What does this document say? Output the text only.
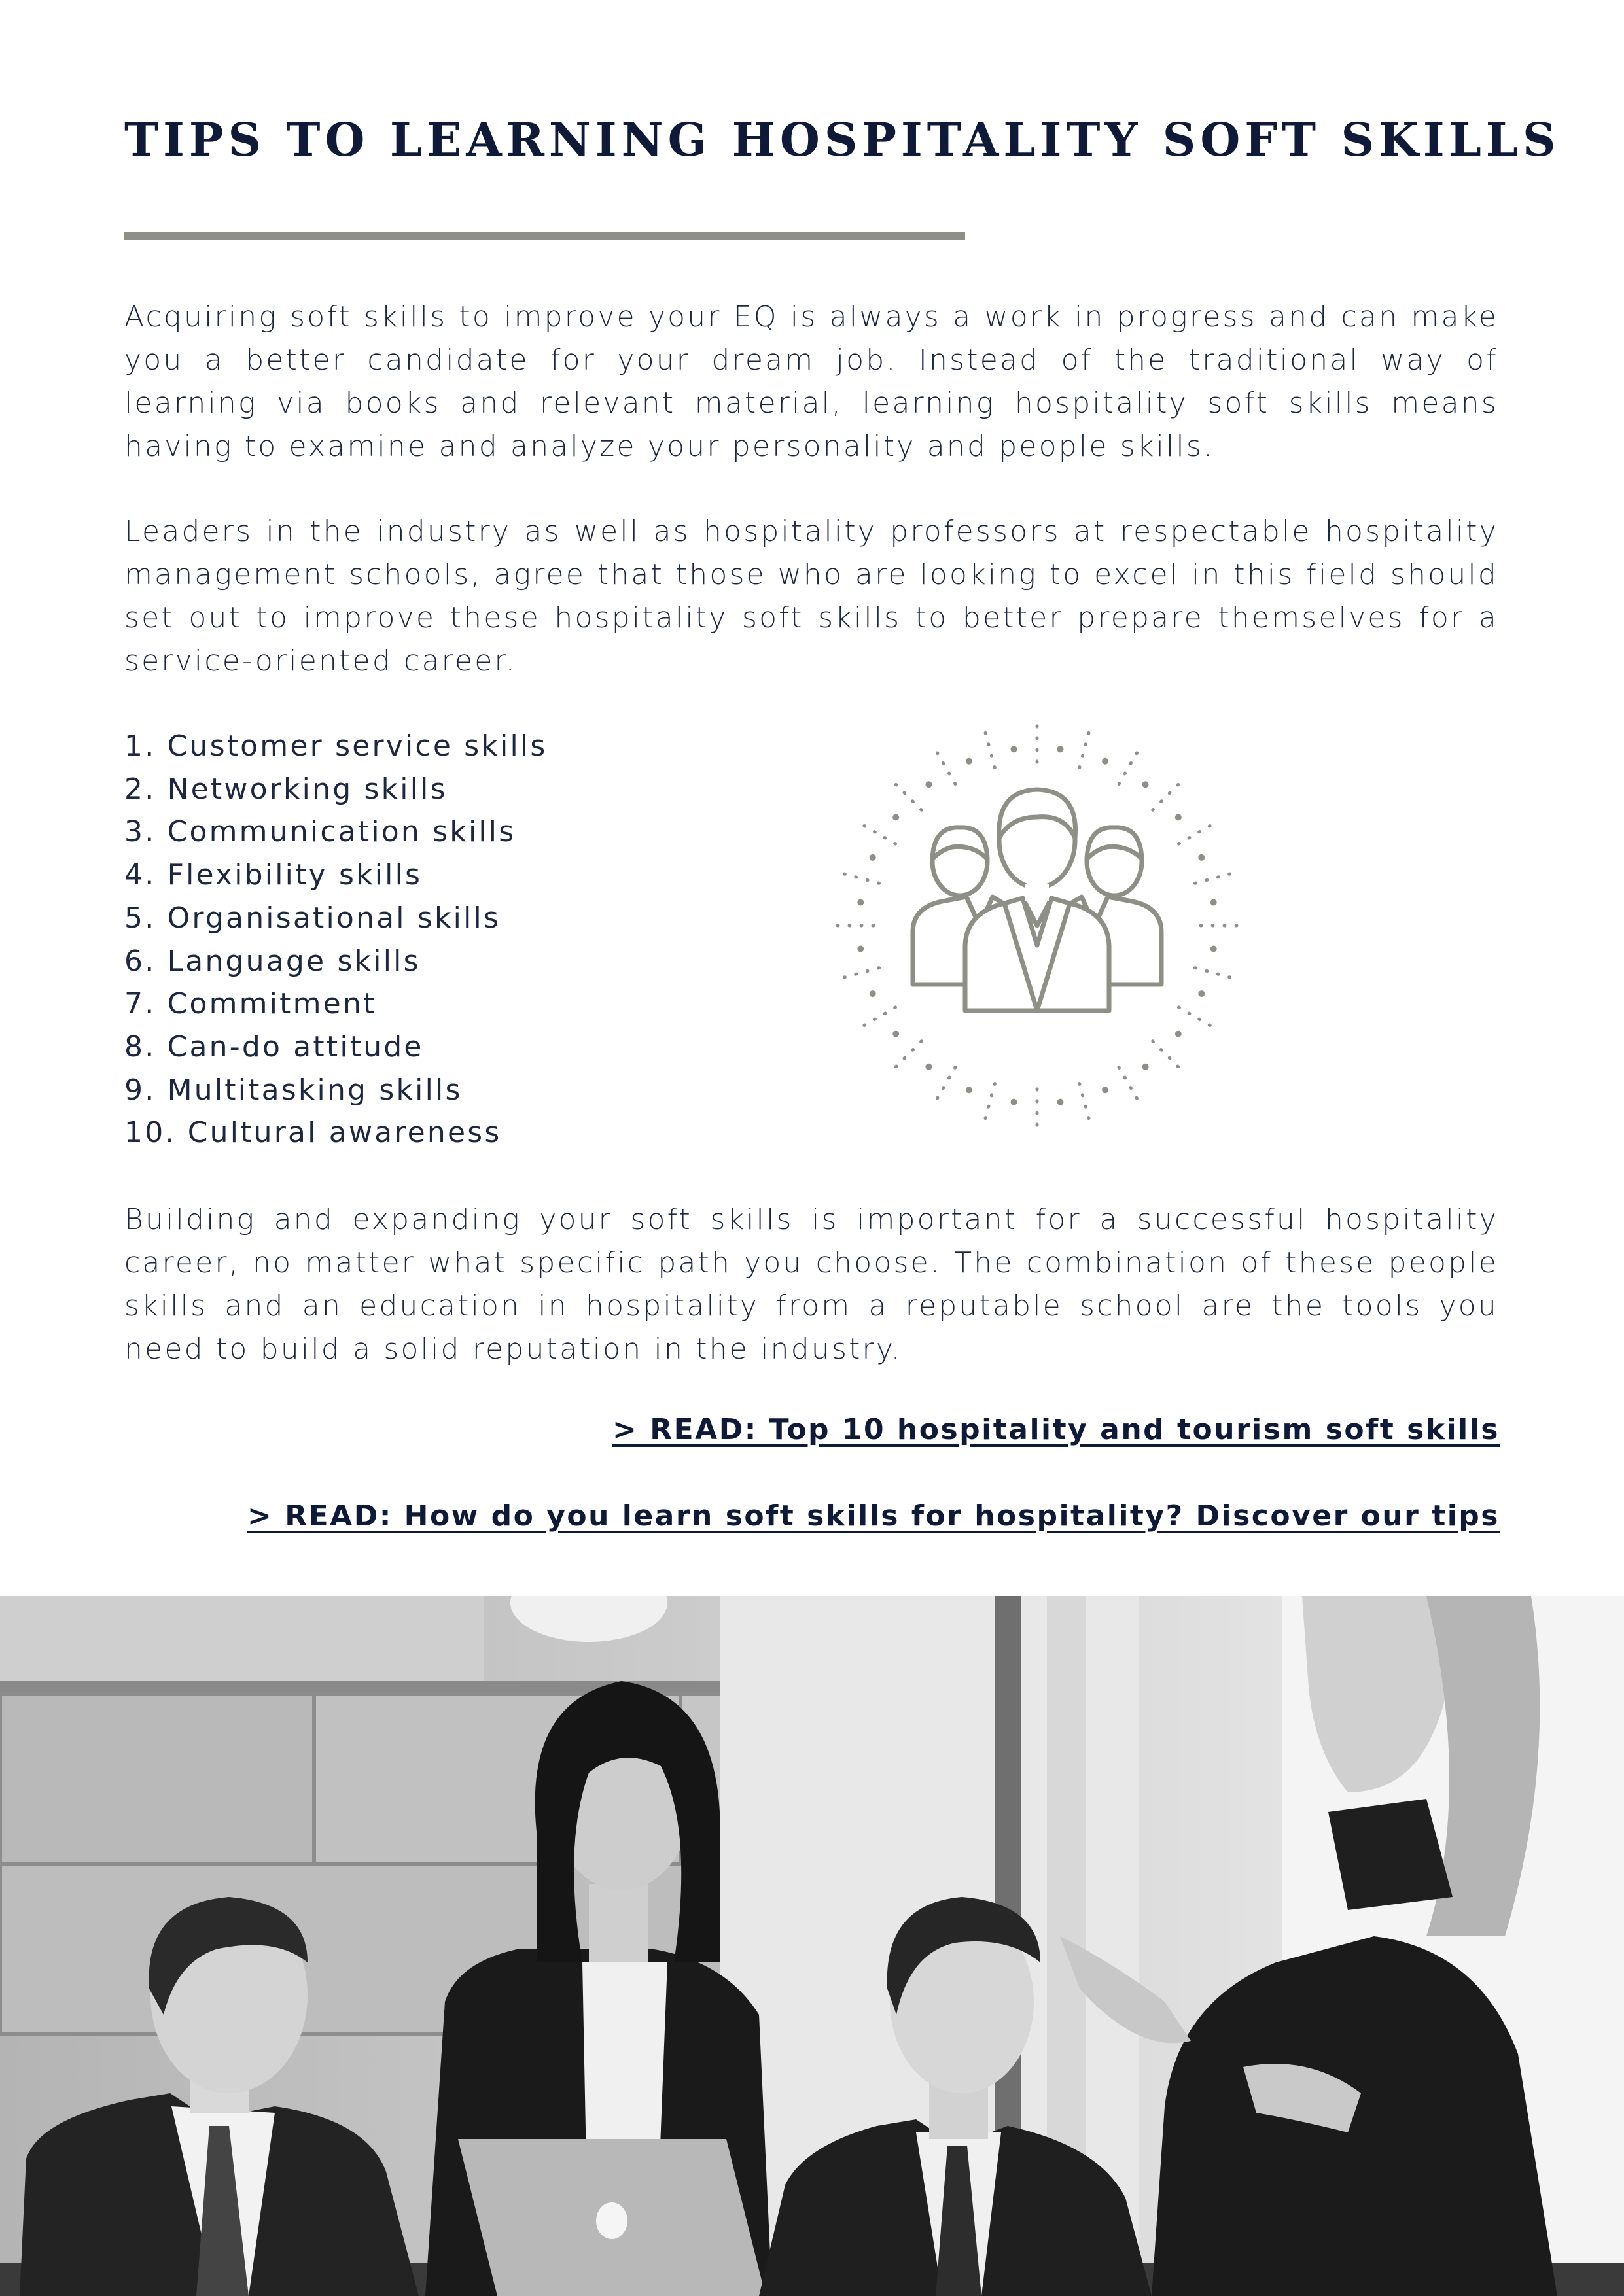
TIPS TO LEARNING HOSPITALITY SOFT SKILLS

Acquiring soft skills to improve your EQ is always a work in progress and can make you a better candidate for your dream job. Instead of the traditional way of learning via books and relevant material, learning hospitality soft skills means having to examine and analyze your personality and people skills.

Leaders in the industry as well as hospitality professors at respectable hospitality management schools, agree that those who are looking to excel in this field should set out to improve these hospitality soft skills to better prepare themselves for a service-oriented career.

1. Customer service skills
2. Networking skills
3. Communication skills
4. Flexibility skills
5. Organisational skills
6. Language skills
7. Commitment
8. Can-do attitude
9. Multitasking skills
10. Cultural awareness

Building and expanding your soft skills is important for a successful hospitality career, no matter what specific path you choose. The combination of these people skills and an education in hospitality from a reputable school are the tools you need to build a solid reputation in the industry.

> READ: Top 10 hospitality and tourism soft skills
> READ: How do you learn soft skills for hospitality? Discover our tips
